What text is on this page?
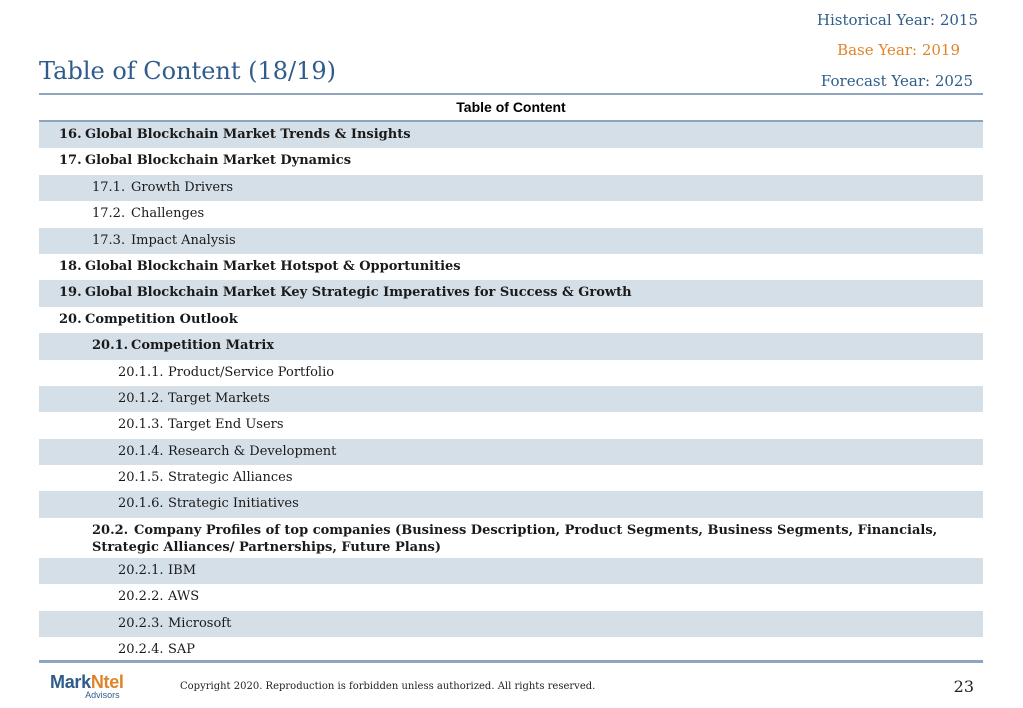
Historical Year: 2015
Base Year: 2019
Forecast Year: 2025
Table of Content (18/19)
Table of Content
16. Global Blockchain Market Trends & Insights
17. Global Blockchain Market Dynamics
17.1. Growth Drivers
17.2. Challenges
17.3. Impact Analysis
18. Global Blockchain Market Hotspot & Opportunities
19. Global Blockchain Market Key Strategic Imperatives for Success & Growth
20. Competition Outlook
20.1. Competition Matrix
20.1.1. Product/Service Portfolio
20.1.2. Target Markets
20.1.3. Target End Users
20.1.4. Research & Development
20.1.5. Strategic Alliances
20.1.6. Strategic Initiatives
20.2. Company Profiles of top companies (Business Description, Product Segments, Business Segments, Financials, Strategic Alliances/ Partnerships, Future Plans)
20.2.1. IBM
20.2.2. AWS
20.2.3. Microsoft
20.2.4. SAP
MarkNtel
Advisors
Copyright 2020. Reproduction is forbidden unless authorized. All rights reserved.	23
